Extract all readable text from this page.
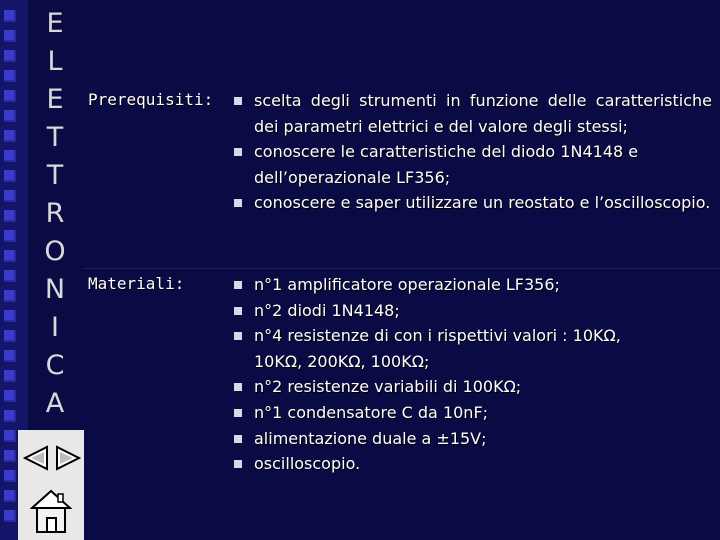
E
L
E
T
T
R
O
N
I
C
A
Prerequisiti:	scelta degli strumenti in funzione delle caratteristiche dei parametri elettrici e del valore degli stessi;
conoscere le caratteristiche del diodo 1N4148 e dell’operazionale LF356;
conoscere e saper utilizzare un reostato e l’oscilloscopio.
Materiali:	n°1 amplificatore operazionale LF356;
n°2 diodi 1N4148;
n°4 resistenze di con i rispettivi valori : 10KΩ, 10KΩ, 200KΩ, 100KΩ;
n°2 resistenze variabili di 100KΩ;
n°1 condensatore C da 10nF;
alimentazione duale a ±15V;
oscilloscopio.
